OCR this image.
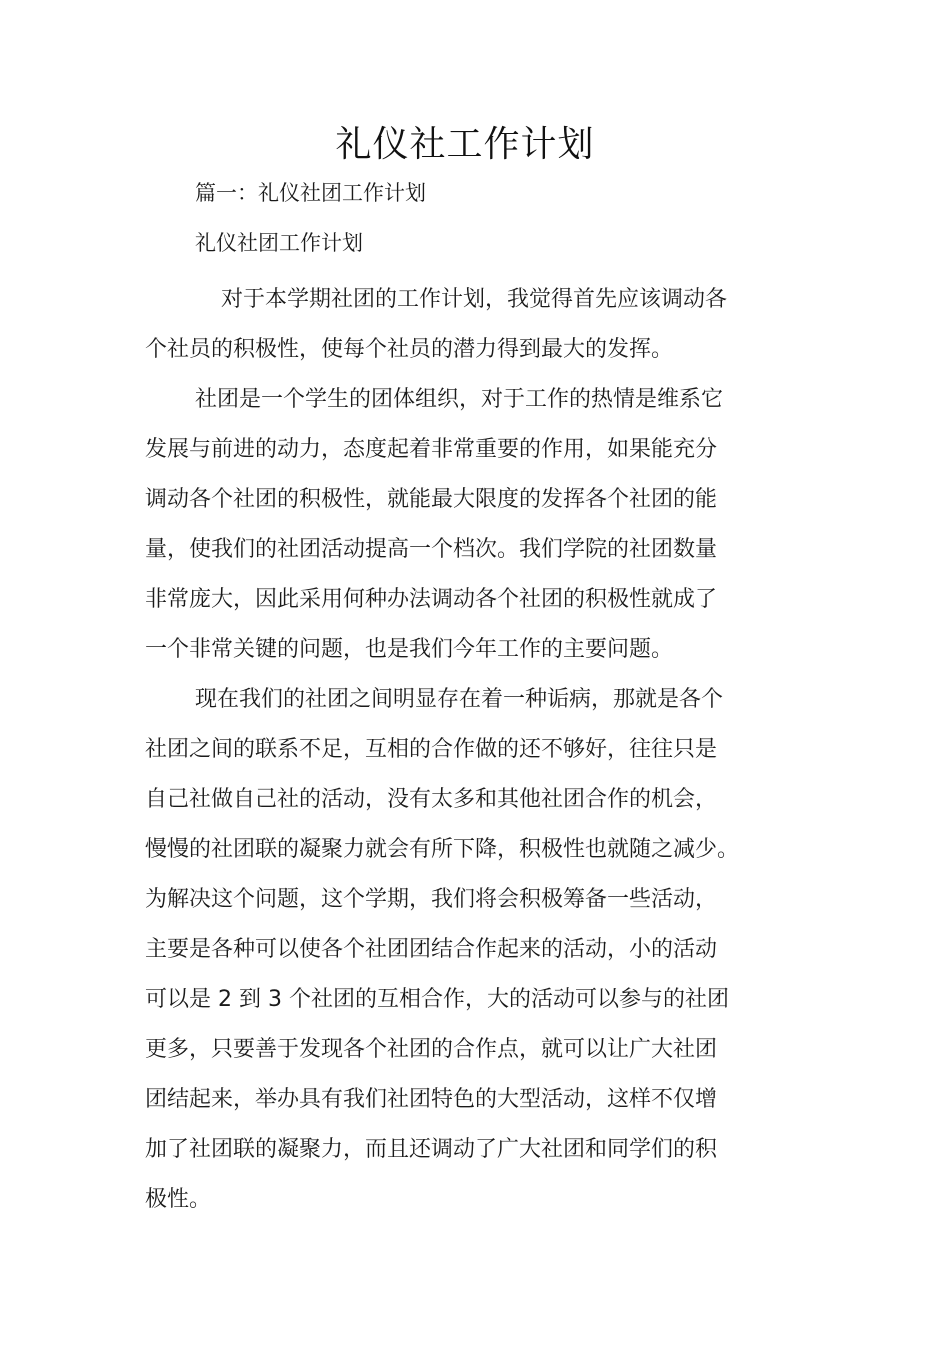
礼仪社工作计划
篇一：礼仪社团工作计划
礼仪社团工作计划
对于本学期社团的工作计划，我觉得首先应该调动各
个社员的积极性，使每个社员的潜力得到最大的发挥。
社团是一个学生的团体组织，对于工作的热情是维系它
发展与前进的动力，态度起着非常重要的作用，如果能充分
调动各个社团的积极性，就能最大限度的发挥各个社团的能
量，使我们的社团活动提高一个档次。我们学院的社团数量
非常庞大，因此采用何种办法调动各个社团的积极性就成了
一个非常关键的问题，也是我们今年工作的主要问题。
现在我们的社团之间明显存在着一种诟病，那就是各个
社团之间的联系不足，互相的合作做的还不够好，往往只是
自己社做自己社的活动，没有太多和其他社团合作的机会，
慢慢的社团联的凝聚力就会有所下降，积极性也就随之减少。
为解决这个问题，这个学期，我们将会积极筹备一些活动，
主要是各种可以使各个社团团结合作起来的活动，小的活动
可以是 2 到 3 个社团的互相合作，大的活动可以参与的社团
更多，只要善于发现各个社团的合作点，就可以让广大社团
团结起来，举办具有我们社团特色的大型活动，这样不仅增
加了社团联的凝聚力，而且还调动了广大社团和同学们的积
极性。
